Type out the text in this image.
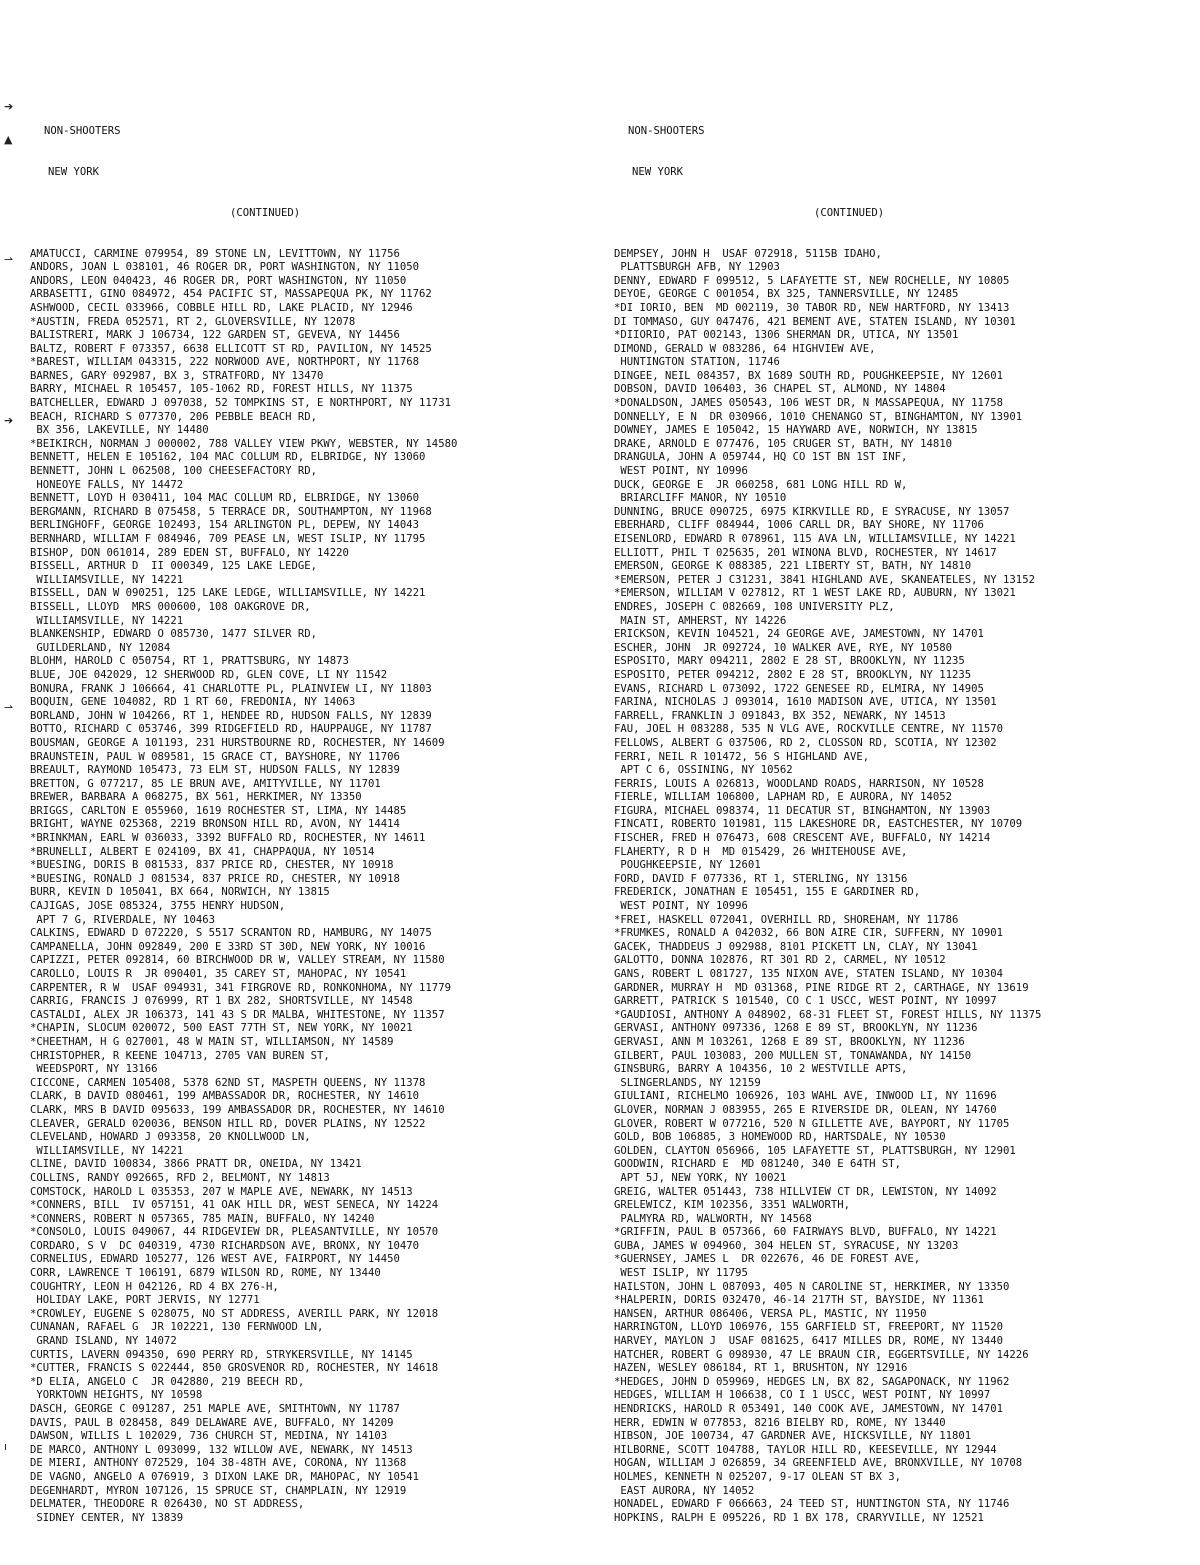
NON-SHOOTERS

NEW YORK

(CONTINUED)

AMATUCCI, CARMINE 079954, 89 STONE LN, LEVITTOWN, NY 11756
ANDORS, JOAN L 038101, 46 ROGER DR, PORT WASHINGTON, NY 11050
ANDORS, LEON 040423, 46 ROGER DR, PORT WASHINGTON, NY 11050
ARBASETTI, GINO 084972, 454 PACIFIC ST, MASSAPEQUA PK, NY 11762
ASHWOOD, CECIL 033966, COBBLE HILL RD, LAKE PLACID, NY 12946
*AUSTIN, FREDA 052571, RT 2, GLOVERSVILLE, NY 12078
BALISTRERI, MARK J 106734, 122 GARDEN ST, GEVEVA, NY 14456
BALTZ, ROBERT F 073357, 6638 ELLICOTT ST RD, PAVILION, NY 14525
*BAREST, WILLIAM 043315, 222 NORWOOD AVE, NORTHPORT, NY 11768
BARNES, GARY 092987, BX 3, STRATFORD, NY 13470
BARRY, MICHAEL R 105457, 105-1062 RD, FOREST HILLS, NY 11375
BATCHELLER, EDWARD J 097038, 52 TOMPKINS ST, E NORTHPORT, NY 11731
BEACH, RICHARD S 077370, 206 PEBBLE BEACH RD,
BX 356, LAKEVILLE, NY 14480
*BEIKIRCH, NORMAN J 000002, 788 VALLEY VIEW PKWY, WEBSTER, NY 14580
BENNETT, HELEN E 105162, 104 MAC COLLUM RD, ELBRIDGE, NY 13060
BENNETT, JOHN L 062508, 100 CHEESEFACTORY RD,
HONEOYE FALLS, NY 14472
BENNETT, LOYD H 030411, 104 MAC COLLUM RD, ELBRIDGE, NY 13060
BERGMANN, RICHARD B 075458, 5 TERRACE DR, SOUTHAMPTON, NY 11968
BERLINGHOFF, GEORGE 102493, 154 ARLINGTON PL, DEPEW, NY 14043
BERNHARD, WILLIAM F 084946, 709 PEASE LN, WEST ISLIP, NY 11795
BISHOP, DON 061014, 289 EDEN ST, BUFFALO, NY 14220
BISSELL, ARTHUR D  II 000349, 125 LAKE LEDGE,
WILLIAMSVILLE, NY 14221
BISSELL, DAN W 090251, 125 LAKE LEDGE, WILLIAMSVILLE, NY 14221
BISSELL, LLOYD  MRS 000600, 108 OAKGROVE DR,
WILLIAMSVILLE, NY 14221
BLANKENSHIP, EDWARD O 085730, 1477 SILVER RD,
GUILDERLAND, NY 12084
BLOHM, HAROLD C 050754, RT 1, PRATTSBURG, NY 14873
BLUE, JOE 042029, 12 SHERWOOD RD, GLEN COVE, LI NY 11542
BONURA, FRANK J 106664, 41 CHARLOTTE PL, PLAINVIEW LI, NY 11803
BOQUIN, GENE 104082, RD 1 RT 60, FREDONIA, NY 14063
BORLAND, JOHN W 104266, RT 1, HENDEE RD, HUDSON FALLS, NY 12839
BOTTO, RICHARD C 053746, 399 RIDGEFIELD RD, HAUPPAUGE, NY 11787
BOUSMAN, GEORGE A 101193, 231 HURSTBOURNE RD, ROCHESTER, NY 14609
BRAUNSTEIN, PAUL W 089581, 15 GRACE CT, BAYSHORE, NY 11706
BREAULT, RAYMOND 105473, 73 ELM ST, HUDSON FALLS, NY 12839
BRETTON, G 077217, 85 LE BRUN AVE, AMITYVILLE, NY 11701
BREWER, BARBARA A 068275, BX 561, HERKIMER, NY 13350
BRIGGS, CARLTON E 055960, 1619 ROCHESTER ST, LIMA, NY 14485
BRIGHT, WAYNE 025368, 2219 BRONSON HILL RD, AVON, NY 14414
*BRINKMAN, EARL W 036033, 3392 BUFFALO RD, ROCHESTER, NY 14611
*BRUNELLI, ALBERT E 024109, BX 41, CHAPPAQUA, NY 10514
*BUESING, DORIS B 081533, 837 PRICE RD, CHESTER, NY 10918
*BUESING, RONALD J 081534, 837 PRICE RD, CHESTER, NY 10918
BURR, KEVIN D 105041, BX 664, NORWICH, NY 13815
CAJIGAS, JOSE 085324, 3755 HENRY HUDSON,
APT 7 G, RIVERDALE, NY 10463
CALKINS, EDWARD D 072220, S 5517 SCRANTON RD, HAMBURG, NY 14075
CAMPANELLA, JOHN 092849, 200 E 33RD ST 30D, NEW YORK, NY 10016
CAPIZZI, PETER 092814, 60 BIRCHWOOD DR W, VALLEY STREAM, NY 11580
CAROLLO, LOUIS R  JR 090401, 35 CAREY ST, MAHOPAC, NY 10541
CARPENTER, R W  USAF 094931, 341 FIRGROVE RD, RONKONHOMA, NY 11779
CARRIG, FRANCIS J 076999, RT 1 BX 282, SHORTSVILLE, NY 14548
CASTALDI, ALEX JR 106373, 141 43 S DR MALBA, WHITESTONE, NY 11357
*CHAPIN, SLOCUM 020072, 500 EAST 77TH ST, NEW YORK, NY 10021
*CHEETHAM, H G 027001, 48 W MAIN ST, WILLIAMSON, NY 14589
CHRISTOPHER, R KEENE 104713, 2705 VAN BUREN ST,
WEEDSPORT, NY 13166
CICCONE, CARMEN 105408, 5378 62ND ST, MASPETH QUEENS, NY 11378
CLARK, B DAVID 080461, 199 AMBASSADOR DR, ROCHESTER, NY 14610
CLARK, MRS B DAVID 095633, 199 AMBASSADOR DR, ROCHESTER, NY 14610
CLEAVER, GERALD 020036, BENSON HILL RD, DOVER PLAINS, NY 12522
CLEVELAND, HOWARD J 093358, 20 KNOLLWOOD LN,
WILLIAMSVILLE, NY 14221
CLINE, DAVID 100834, 3866 PRATT DR, ONEIDA, NY 13421
COLLINS, RANDY 092665, RFD 2, BELMONT, NY 14813
COMSTOCK, HAROLD L 035353, 207 W MAPLE AVE, NEWARK, NY 14513
*CONNERS, BILL  IV 057151, 41 OAK HILL DR, WEST SENECA, NY 14224
*CONNERS, ROBERT N 057365, 785 MAIN, BUFFALO, NY 14240
*CONSOLO, LOUIS 049067, 44 RIDGEVIEW DR, PLEASANTVILLE, NY 10570
CORDARO, S V  DC 040319, 4730 RICHARDSON AVE, BRONX, NY 10470
CORNELIUS, EDWARD 105277, 126 WEST AVE, FAIRPORT, NY 14450
CORR, LAWRENCE T 106191, 6879 WILSON RD, ROME, NY 13440
COUGHTRY, LEON H 042126, RD 4 BX 276-H,
HOLIDAY LAKE, PORT JERVIS, NY 12771
*CROWLEY, EUGENE S 028075, NO ST ADDRESS, AVERILL PARK, NY 12018
CUNANAN, RAFAEL G  JR 102221, 130 FERNWOOD LN,
GRAND ISLAND, NY 14072
CURTIS, LAVERN 094350, 690 PERRY RD, STRYKERSVILLE, NY 14145
*CUTTER, FRANCIS S 022444, 850 GROSVENOR RD, ROCHESTER, NY 14618
*D ELIA, ANGELO C  JR 042880, 219 BEECH RD,
YORKTOWN HEIGHTS, NY 10598
DASCH, GEORGE C 091287, 251 MAPLE AVE, SMITHTOWN, NY 11787
DAVIS, PAUL B 028458, 849 DELAWARE AVE, BUFFALO, NY 14209
DAWSON, WILLIS L 102029, 736 CHURCH ST, MEDINA, NY 14103
DE MARCO, ANTHONY L 093099, 132 WILLOW AVE, NEWARK, NY 14513
DE MIERI, ANTHONY 072529, 104 38-48TH AVE, CORONA, NY 11368
DE VAGNO, ANGELO A 076919, 3 DIXON LAKE DR, MAHOPAC, NY 10541
DEGENHARDT, MYRON 107126, 15 SPRUCE ST, CHAMPLAIN, NY 12919
DELMATER, THEODORE R 026430, NO ST ADDRESS,
SIDNEY CENTER, NY 13839

NON-SHOOTERS

NEW YORK

(CONTINUED)

DEMPSEY, JOHN H  USAF 072918, 5115B IDAHO,
PLATTSBURGH AFB, NY 12903
DENNY, EDWARD F 099512, 5 LAFAYETTE ST, NEW ROCHELLE, NY 10805
DEYOE, GEORGE C 001054, BX 325, TANNERSVILLE, NY 12485
*DI IORIO, BEN  MD 002119, 30 TABOR RD, NEW HARTFORD, NY 13413
DI TOMMASO, GUY 047476, 421 BEMENT AVE, STATEN ISLAND, NY 10301
*DIIORIO, PAT 002143, 1306 SHERMAN DR, UTICA, NY 13501
DIMOND, GERALD W 083286, 64 HIGHVIEW AVE,
HUNTINGTON STATION, 11746
DINGEE, NEIL 084357, BX 1689 SOUTH RD, POUGHKEEPSIE, NY 12601
DOBSON, DAVID 106403, 36 CHAPEL ST, ALMOND, NY 14804
*DONALDSON, JAMES 050543, 106 WEST DR, N MASSAPEQUA, NY 11758
DONNELLY, E N  DR 030966, 1010 CHENANGO ST, BINGHAMTON, NY 13901
DOWNEY, JAMES E 105042, 15 HAYWARD AVE, NORWICH, NY 13815
DRAKE, ARNOLD E 077476, 105 CRUGER ST, BATH, NY 14810
DRANGULA, JOHN A 059744, HQ CO 1ST BN 1ST INF,
WEST POINT, NY 10996
DUCK, GEORGE E  JR 060258, 681 LONG HILL RD W,
BRIARCLIFF MANOR, NY 10510
DUNNING, BRUCE 090725, 6975 KIRKVILLE RD, E SYRACUSE, NY 13057
EBERHARD, CLIFF 084944, 1006 CARLL DR, BAY SHORE, NY 11706
EISENLORD, EDWARD R 078961, 115 AVA LN, WILLIAMSVILLE, NY 14221
ELLIOTT, PHIL T 025635, 201 WINONA BLVD, ROCHESTER, NY 14617
EMERSON, GEORGE K 088385, 221 LIBERTY ST, BATH, NY 14810
*EMERSON, PETER J C31231, 3841 HIGHLAND AVE, SKANEATELES, NY 13152
*EMERSON, WILLIAM V 027812, RT 1 WEST LAKE RD, AUBURN, NY 13021
ENDRES, JOSEPH C 082669, 108 UNIVERSITY PLZ,
MAIN ST, AMHERST, NY 14226
ERICKSON, KEVIN 104521, 24 GEORGE AVE, JAMESTOWN, NY 14701
ESCHER, JOHN  JR 092724, 10 WALKER AVE, RYE, NY 10580
ESPOSITO, MARY 094211, 2802 E 28 ST, BROOKLYN, NY 11235
ESPOSITO, PETER 094212, 2802 E 28 ST, BROOKLYN, NY 11235
EVANS, RICHARD L 073092, 1722 GENESEE RD, ELMIRA, NY 14905
FARINA, NICHOLAS J 093014, 1610 MADISON AVE, UTICA, NY 13501
FARRELL, FRANKLIN J 091843, BX 352, NEWARK, NY 14513
FAU, JOEL H 083288, 535 N VLG AVE, ROCKVILLE CENTRE, NY 11570
FELLOWS, ALBERT G 037506, RD 2, CLOSSON RD, SCOTIA, NY 12302
FERRI, NEIL R 101472, 56 S HIGHLAND AVE,
APT C 6, OSSINING, NY 10562
FERRIS, LOUIS A 026813, WOODLAND ROADS, HARRISON, NY 10528
FIERLE, WILLIAM 106800, LAPHAM RD, E AURORA, NY 14052
FIGURA, MICHAEL 098374, 11 DECATUR ST, BINGHAMTON, NY 13903
FINCATI, ROBERTO 101981, 115 LAKESHORE DR, EASTCHESTER, NY 10709
FISCHER, FRED H 076473, 608 CRESCENT AVE, BUFFALO, NY 14214
FLAHERTY, R D H  MD 015429, 26 WHITEHOUSE AVE,
POUGHKEEPSIE, NY 12601
FORD, DAVID F 077336, RT 1, STERLING, NY 13156
FREDERICK, JONATHAN E 105451, 155 E GARDINER RD,
WEST POINT, NY 10996
*FREI, HASKELL 072041, OVERHILL RD, SHOREHAM, NY 11786
*FRUMKES, RONALD A 042032, 66 BON AIRE CIR, SUFFERN, NY 10901
GACEK, THADDEUS J 092988, 8101 PICKETT LN, CLAY, NY 13041
GALOTTO, DONNA 102876, RT 301 RD 2, CARMEL, NY 10512
GANS, ROBERT L 081727, 135 NIXON AVE, STATEN ISLAND, NY 10304
GARDNER, MURRAY H  MD 031368, PINE RIDGE RT 2, CARTHAGE, NY 13619
GARRETT, PATRICK S 101540, CO C 1 USCC, WEST POINT, NY 10997
*GAUDIOSI, ANTHONY A 048902, 68-31 FLEET ST, FOREST HILLS, NY 11375
GERVASI, ANTHONY 097336, 1268 E 89 ST, BROOKLYN, NY 11236
GERVASI, ANN M 103261, 1268 E 89 ST, BROOKLYN, NY 11236
GILBERT, PAUL 103083, 200 MULLEN ST, TONAWANDA, NY 14150
GINSBURG, BARRY A 104356, 10 2 WESTVILLE APTS,
SLINGERLANDS, NY 12159
GIULIANI, RICHELMO 106926, 103 WAHL AVE, INWOOD LI, NY 11696
GLOVER, NORMAN J 083955, 265 E RIVERSIDE DR, OLEAN, NY 14760
GLOVER, ROBERT W 077216, 520 N GILLETTE AVE, BAYPORT, NY 11705
GOLD, BOB 106885, 3 HOMEWOOD RD, HARTSDALE, NY 10530
GOLDEN, CLAYTON 056966, 105 LAFAYETTE ST, PLATTSBURGH, NY 12901
GOODWIN, RICHARD E  MD 081240, 340 E 64TH ST,
APT 5J, NEW YORK, NY 10021
GREIG, WALTER 051443, 738 HILLVIEW CT DR, LEWISTON, NY 14092
GRELEWICZ, KIM 102356, 3351 WALWORTH,
PALMYRA RD, WALWORTH, NY 14568
*GRIFFIN, PAUL B 057366, 60 FAIRWAYS BLVD, BUFFALO, NY 14221
GUBA, JAMES W 094960, 304 HELEN ST, SYRACUSE, NY 13203
*GUERNSEY, JAMES L  DR 022676, 46 DE FOREST AVE,
WEST ISLIP, NY 11795
HAILSTON, JOHN L 087093, 405 N CAROLINE ST, HERKIMER, NY 13350
*HALPERIN, DORIS 032470, 46-14 217TH ST, BAYSIDE, NY 11361
HANSEN, ARTHUR 086406, VERSA PL, MASTIC, NY 11950
HARRINGTON, LLOYD 106976, 155 GARFIELD ST, FREEPORT, NY 11520
HARVEY, MAYLON J  USAF 081625, 6417 MILLES DR, ROME, NY 13440
HATCHER, ROBERT G 098930, 47 LE BRAUN CIR, EGGERTSVILLE, NY 14226
HAZEN, WESLEY 086184, RT 1, BRUSHTON, NY 12916
*HEDGES, JOHN D 059969, HEDGES LN, BX 82, SAGAPONACK, NY 11962
HEDGES, WILLIAM H 106638, CO I 1 USCC, WEST POINT, NY 10997
HENDRICKS, HAROLD R 053491, 140 COOK AVE, JAMESTOWN, NY 14701
HERR, EDWIN W 077853, 8216 BIELBY RD, ROME, NY 13440
HIBSON, JOE 100734, 47 GARDNER AVE, HICKSVILLE, NY 11801
HILBORNE, SCOTT 104788, TAYLOR HILL RD, KEESEVILLE, NY 12944
HOGAN, WILLIAM J 026859, 34 GREENFIELD AVE, BRONXVILLE, NY 10708
HOLMES, KENNETH N 025207, 9-17 OLEAN ST BX 3,
EAST AURORA, NY 14052
HONADEL, EDWARD F 066663, 24 TEED ST, HUNTINGTON STA, NY 11746
HOPKINS, RALPH E 095226, RD 1 BX 178, CRARYVILLE, NY 12521

➔
▲
⇀
➔
⇀
ı
